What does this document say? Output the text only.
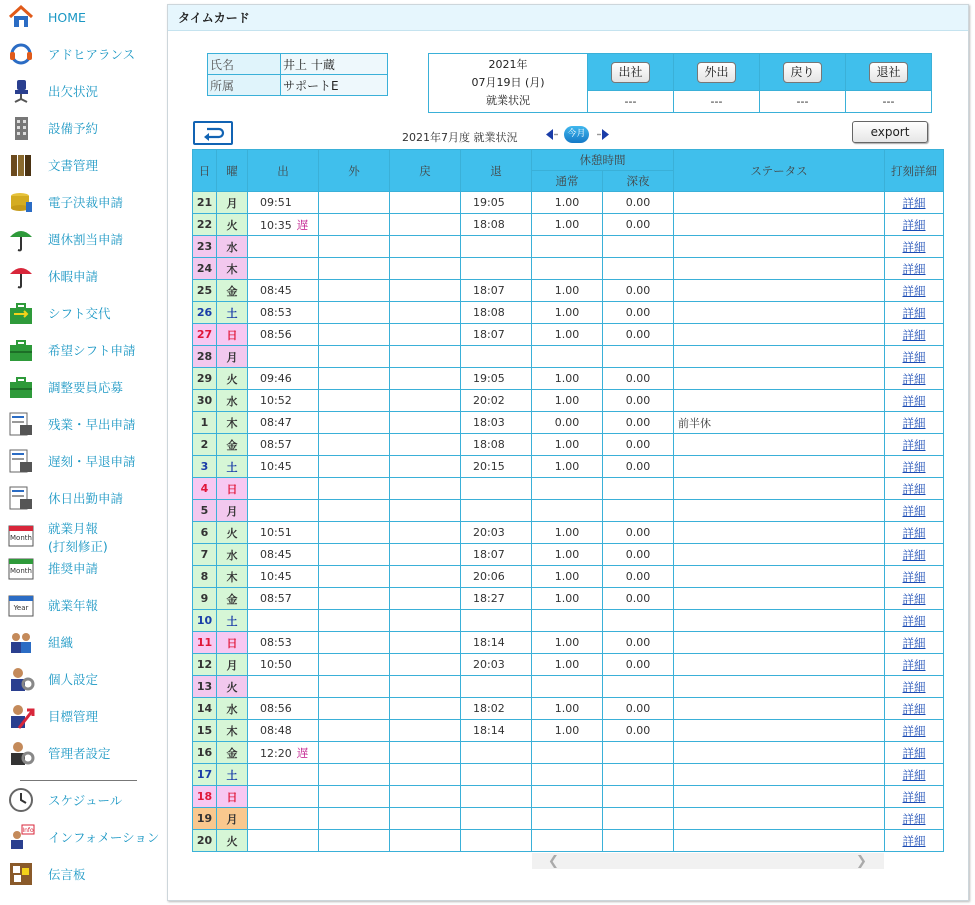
HOME
アドヒアランス
出欠状況
設備予約
文書管理
電子決裁申請
週休割当申請
休暇申請
シフト交代
希望シフト申請
調整要員応募
残業・早出申請
遅刻・早退申請
休日出勤申請
Month
就業月報
(打刻修正)
Month 推奨申請
Year 就業年報
組織
個人設定
目標管理
管理者設定
スケジュール
Info インフォメーション
伝言板
タイムカード
氏名	井上 十蔵
所属	サポートE
2021年
07月19日 (月)
就業状況	出社	外出	戻り	退社
	---	---	---	---
2021年7月度 就業状況	今月	export
日	曜	出	外	戻	退	休憩時間		ステータス	打刻詳細
						通常	深夜		
21	月	09:51			19:05	1.00	0.00		詳細
22	火	10:35 遅			18:08	1.00	0.00		詳細
23	水								詳細
24	木								詳細
25	金	08:45			18:07	1.00	0.00		詳細
26	土	08:53			18:08	1.00	0.00		詳細
27	日	08:56			18:07	1.00	0.00		詳細
28	月								詳細
29	火	09:46			19:05	1.00	0.00		詳細
30	水	10:52			20:02	1.00	0.00		詳細
1	木	08:47			18:03	0.00	0.00	前半休	詳細
2	金	08:57			18:08	1.00	0.00		詳細
3	土	10:45			20:15	1.00	0.00		詳細
4	日								詳細
5	月								詳細
6	火	10:51			20:03	1.00	0.00		詳細
7	水	08:45			18:07	1.00	0.00		詳細
8	木	10:45			20:06	1.00	0.00		詳細
9	金	08:57			18:27	1.00	0.00		詳細
10	土								詳細
11	日	08:53			18:14	1.00	0.00		詳細
12	月	10:50			20:03	1.00	0.00		詳細
13	火								詳細
14	水	08:56			18:02	1.00	0.00		詳細
15	木	08:48			18:14	1.00	0.00		詳細
16	金	12:20 遅							詳細
17	土								詳細
18	日								詳細
19	月								詳細
20	火								詳細
❮	❯
